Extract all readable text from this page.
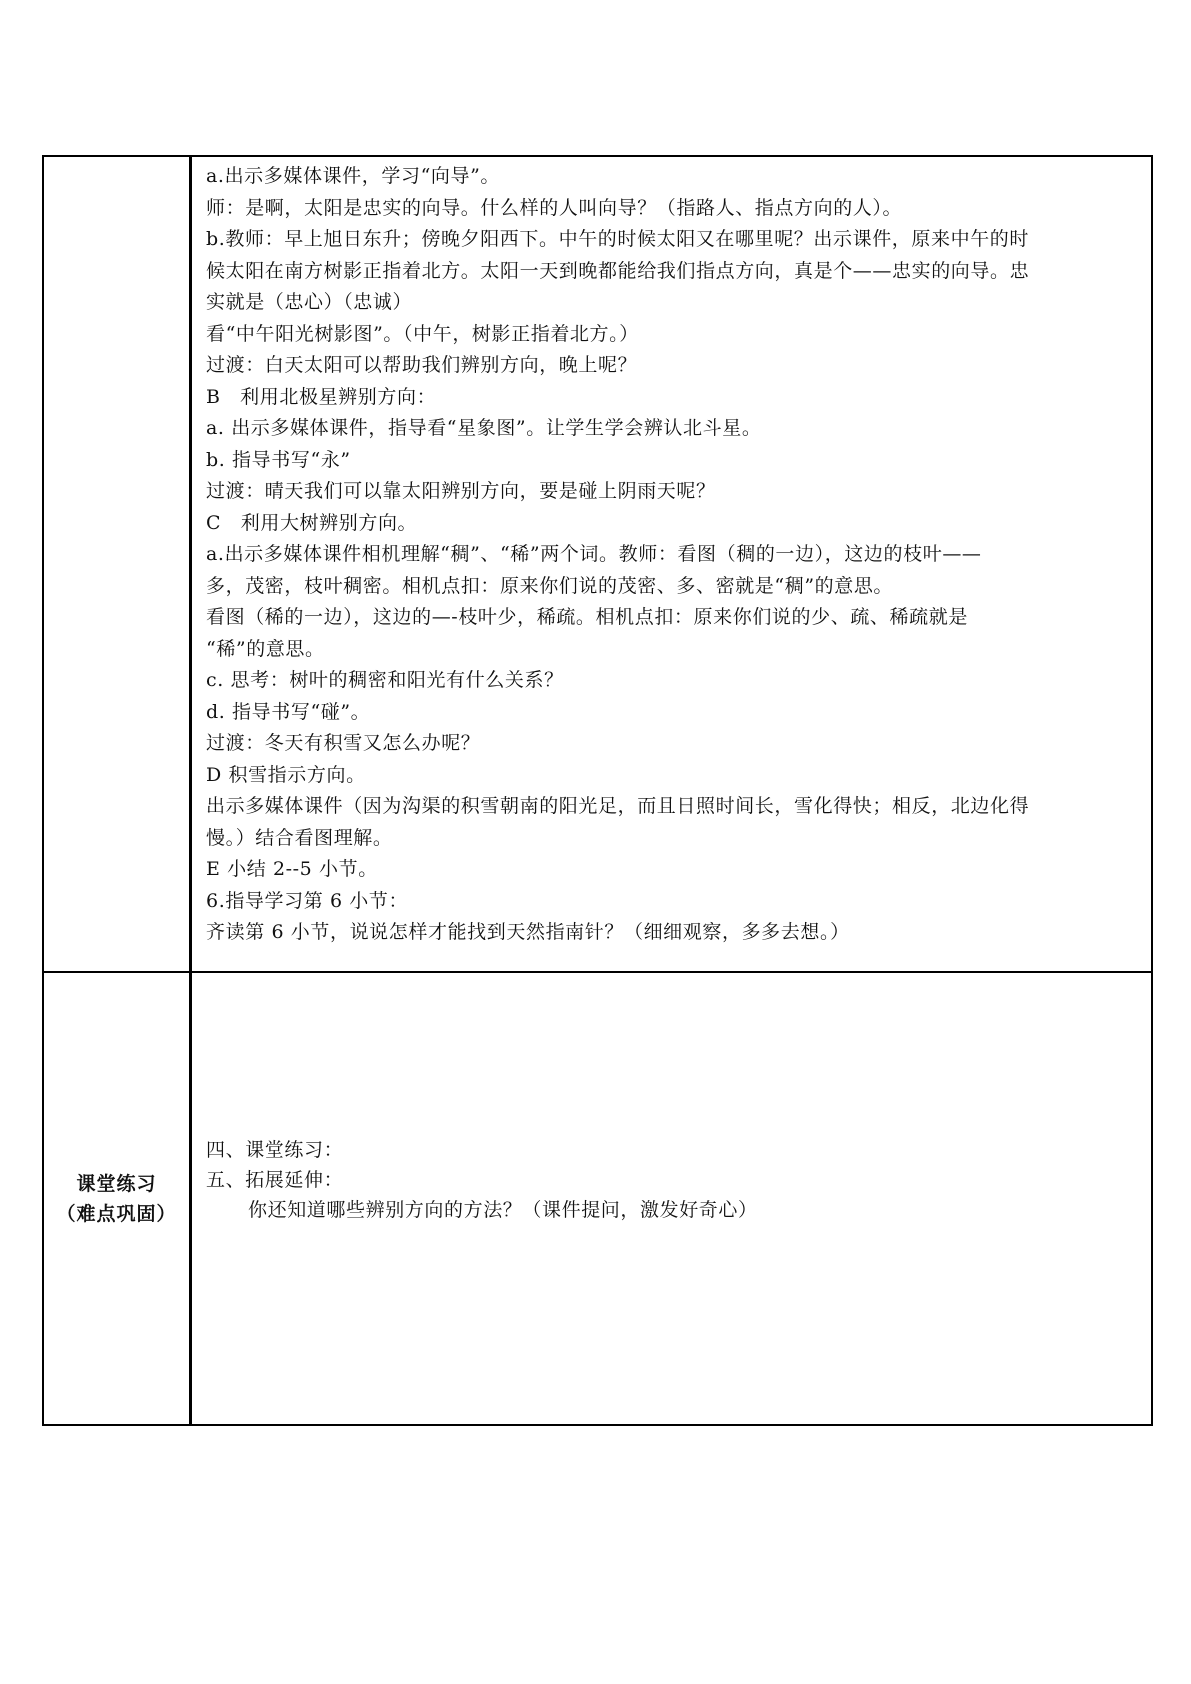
a.出示多媒体课件，学习“向导”。
师：是啊，太阳是忠实的向导。什么样的人叫向导？（指路人、指点方向的人）。
b.教师：早上旭日东升；傍晚夕阳西下。中午的时候太阳又在哪里呢？出示课件，原来中午的时
候太阳在南方树影正指着北方。太阳一天到晚都能给我们指点方向，真是个——忠实的向导。忠
实就是（忠心）（忠诚）
看“中午阳光树影图”。（中午，树影正指着北方。）
过渡：白天太阳可以帮助我们辨别方向，晚上呢？
B　利用北极星辨别方向：
a. 出示多媒体课件，指导看“星象图”。让学生学会辨认北斗星。
b. 指导书写“永”
过渡：晴天我们可以靠太阳辨别方向，要是碰上阴雨天呢？
C　利用大树辨别方向。
a.出示多媒体课件相机理解“稠”、“稀”两个词。教师：看图（稠的一边），这边的枝叶——
多，茂密，枝叶稠密。相机点扣：原来你们说的茂密、多、密就是“稠”的意思。
看图（稀的一边），这边的—-枝叶少，稀疏。相机点扣：原来你们说的少、疏、稀疏就是
“稀”的意思。
c. 思考：树叶的稠密和阳光有什么关系？
d. 指导书写“碰”。
过渡：冬天有积雪又怎么办呢？
D 积雪指示方向。
出示多媒体课件（因为沟渠的积雪朝南的阳光足，而且日照时间长，雪化得快；相反，北边化得
慢。）结合看图理解。
E 小结 2--5 小节。
6.指导学习第 6 小节：
齐读第 6 小节，说说怎样才能找到天然指南针？（细细观察，多多去想。）
课堂练习
（难点巩固）
四、课堂练习：
五、拓展延伸：
你还知道哪些辨别方向的方法？（课件提问，激发好奇心）
